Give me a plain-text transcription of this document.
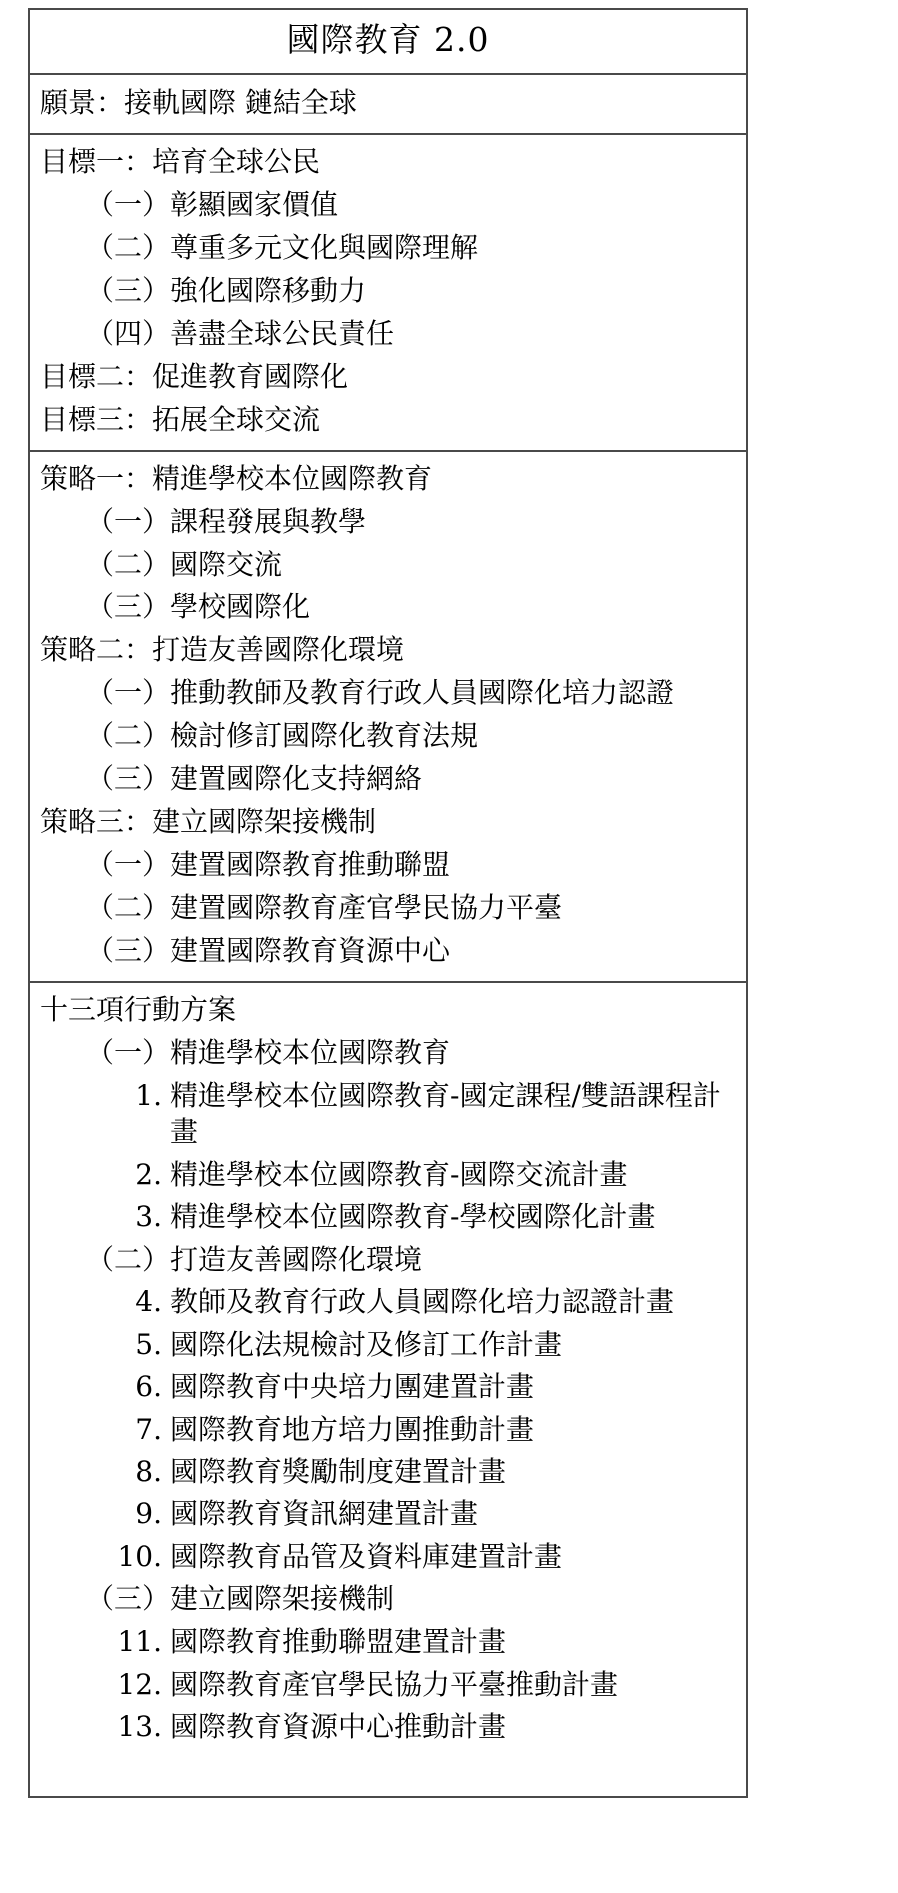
國際教育 2.0

願景：接軌國際 鏈結全球

目標一：培育全球公民

（一）彰顯國家價值

（二）尊重多元文化與國際理解

（三）強化國際移動力

（四）善盡全球公民責任

目標二：促進教育國際化

目標三：拓展全球交流

策略一：精進學校本位國際教育

（一）課程發展與教學

（二）國際交流

（三）學校國際化

策略二：打造友善國際化環境

（一）推動教師及教育行政人員國際化培力認證

（二）檢討修訂國際化教育法規

（三）建置國際化支持網絡

策略三：建立國際架接機制

（一）建置國際教育推動聯盟

（二）建置國際教育產官學民協力平臺

（三）建置國際教育資源中心

十三項行動方案

（一）精進學校本位國際教育

1. 精進學校本位國際教育-國定課程/雙語課程計畫

2. 精進學校本位國際教育-國際交流計畫

3. 精進學校本位國際教育-學校國際化計畫

（二）打造友善國際化環境

4. 教師及教育行政人員國際化培力認證計畫

5. 國際化法規檢討及修訂工作計畫

6. 國際教育中央培力團建置計畫

7. 國際教育地方培力團推動計畫

8. 國際教育獎勵制度建置計畫

9. 國際教育資訊網建置計畫

10. 國際教育品管及資料庫建置計畫

（三）建立國際架接機制

11. 國際教育推動聯盟建置計畫

12. 國際教育產官學民協力平臺推動計畫

13. 國際教育資源中心推動計畫
